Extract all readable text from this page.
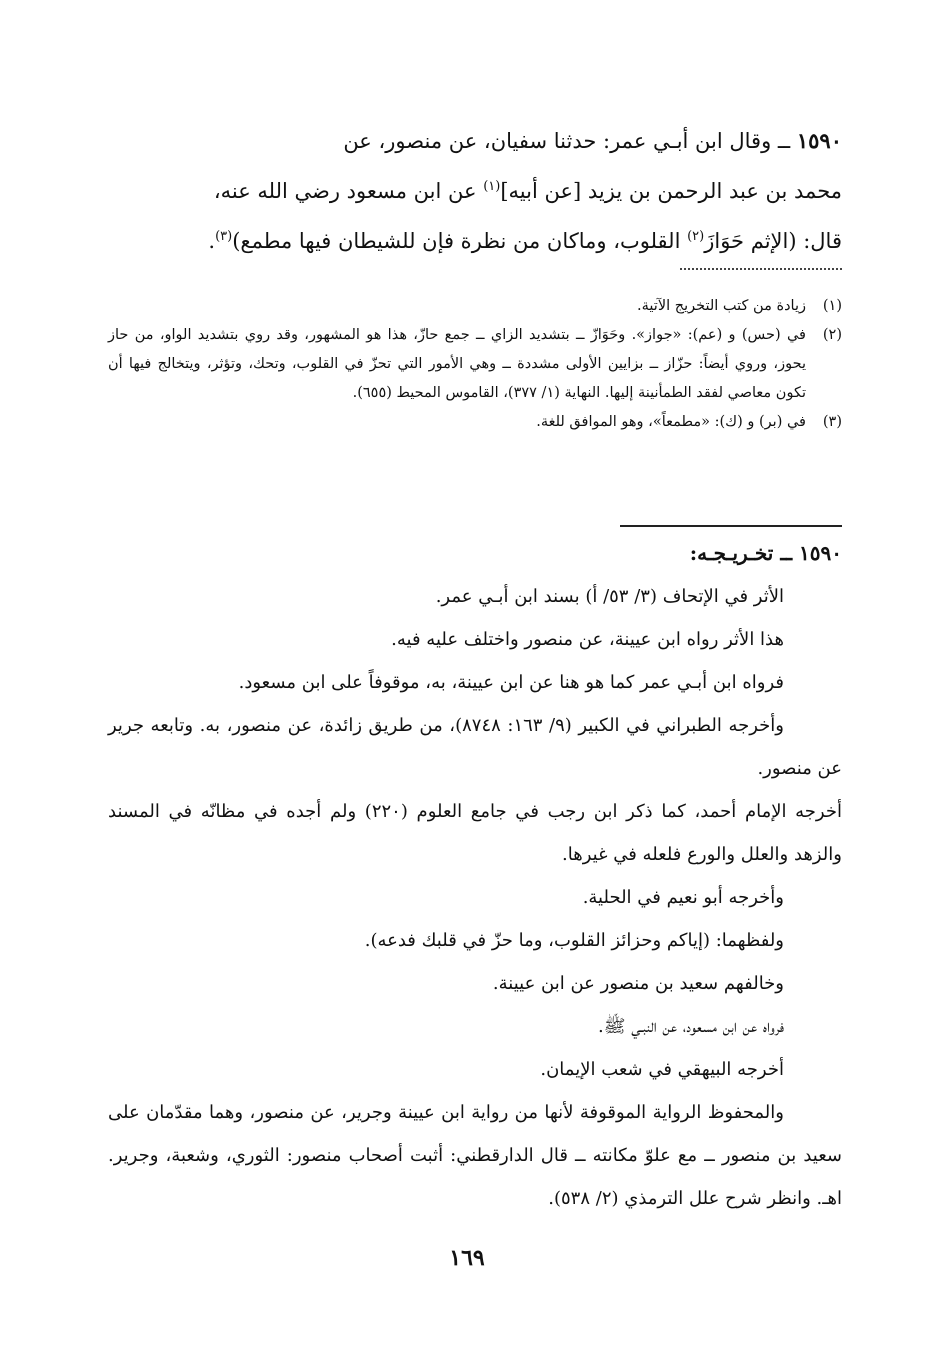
١٥٩٠ ــ وقال ابن أبـي عمر: حدثنا سفيان، عن منصور، عن

محمد بن عبد الرحمن بن يزيد [عن أبيه]$^{(١)}$ عن ابن مسعود رضي الله عنه،

قال: (الإثم حَوَازَ$^{(٢)}$ القلوب، وماكان من نظرة فإن للشيطان فيها مطمع)$^{(٣)}$.

(١)
زيادة من كتب التخريج الآتية.

(٢)
في (حس) و (عم): «جواز». وحَوَازّ ــ بتشديد الزاي ــ جمع حازّ، هذا هو المشهور، وقد روي بتشديد الواو، من حاز يحوز، وروي أيضاً: حزّاز ــ بزايين الأولى مشددة ــ وهي الأمور التي تحزّ في القلوب، وتحك، وتؤثر، ويتخالج فيها أن تكون معاصي لفقد الطمأنينة إليها. النهاية (١/ ٣٧٧)، القاموس المحيط (٦٥٥).

(٣)
في (بر) و (ك): «مطمعاً»، وهو الموافق للغة.

١٥٩٠ ــ تخـريـجـه:

الأثر في الإتحاف (٣/ ٥٣/ أ) بسند ابن أبـي عمر.

هذا الأثر رواه ابن عيينة، عن منصور واختلف عليه فيه.

فرواه ابن أبـي عمر كما هو هنا عن ابن عيينة، به، موقوفاً على ابن مسعود.

وأخرجه الطبراني في الكبير (٩/ ١٦٣: ٨٧٤٨)، من طريق زائدة، عن منصور، به. وتابعه جرير عن منصور.

أخرجه الإمام أحمد، كما ذكر ابن رجب في جامع العلوم (٢٢٠) ولم أجده في مظانّه في المسند والزهد والعلل والورع فلعله في غيرها.

وأخرجه أبو نعيم في الحلية.

ولفظهما: (إياكم وحزائز القلوب، وما حزّ في قلبك فدعه).

وخالفهم سعيد بن منصور عن ابن عيينة.

فرواه عن ابن مسعود، عن النبـي ﷺ.

أخرجه البيهقي في شعب الإيمان.

والمحفوظ الرواية الموقوفة لأنها من رواية ابن عيينة وجرير، عن منصور، وهما مقدّمان على سعيد بن منصور ــ مع علوّ مكانته ــ قال الدارقطني: أثبت أصحاب منصور: الثوري، وشعبة، وجرير. اهـ. وانظر شرح علل الترمذي (٢/ ٥٣٨).

١٦٩
